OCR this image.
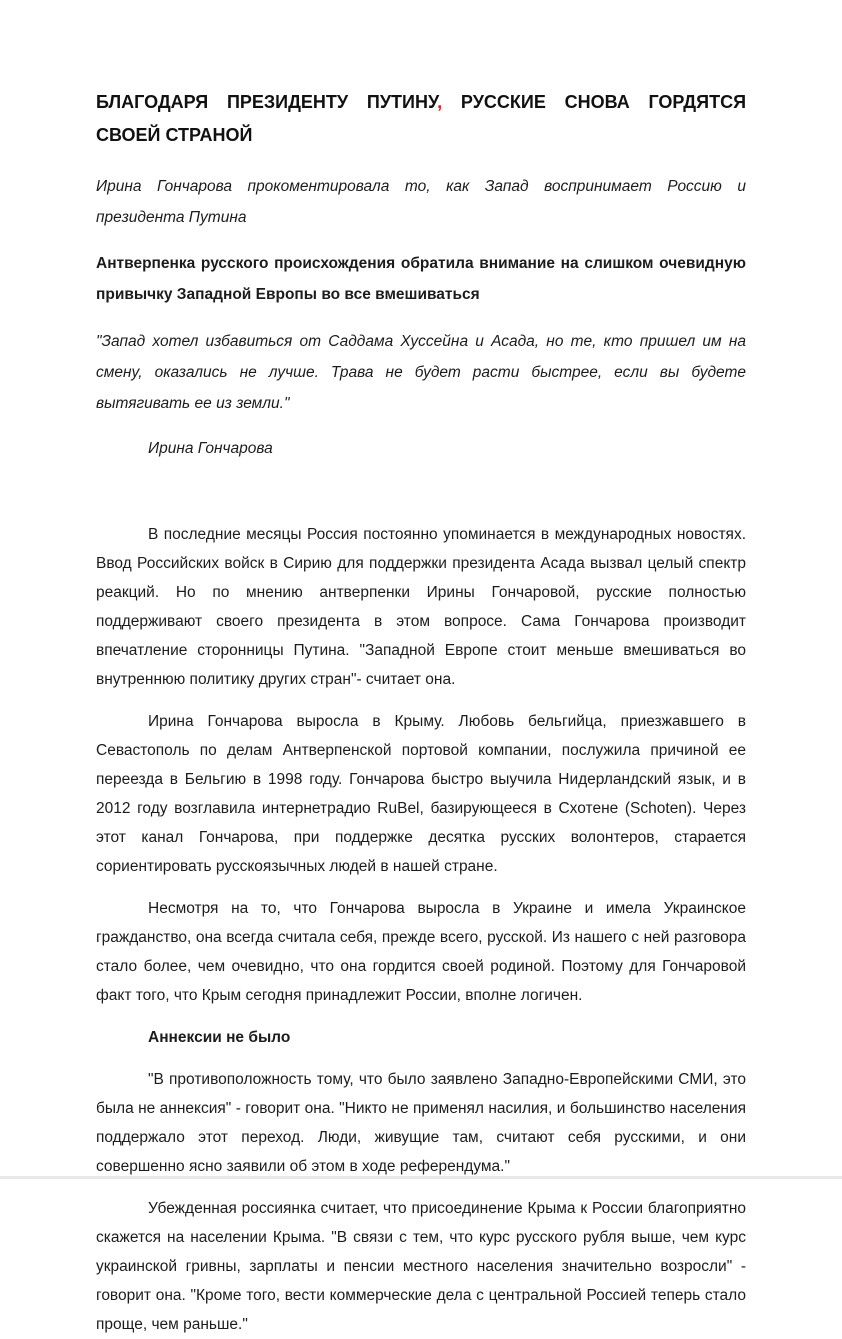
БЛАГОДАРЯ ПРЕЗИДЕНТУ ПУТИНУ, РУССКИЕ СНОВА ГОРДЯТСЯ СВОЕЙ СТРАНОЙ

Ирина Гончарова прокоментировала то, как Запад воспринимает Россию и президента Путина

Антверпенка русского происхождения обратила внимание на слишком очевидную привычку Западной Европы во все вмешиваться

"Запад хотел избавиться от Саддама Хуссейна и Асада, но те, кто пришел им на смену, оказались не лучше. Трава не будет расти быстрее, если вы будете вытягивать ее из земли."

Ирина Гончарова

В последние месяцы Россия постоянно упоминается в международных новостях. Ввод Российских войск в Сирию для поддержки президента Асада вызвал целый спектр реакций. Но по мнению антверпенки Ирины Гончаровой, русские полностью поддерживают своего президента в этом вопросе. Сама Гончарова производит впечатление сторонницы Путина. "Западной Европе стоит меньше вмешиваться во внутреннюю политику других стран"- считает она.

Ирина Гончарова выросла в Крыму. Любовь бельгийца, приезжавшего в Севастополь по делам Антверпенской портовой компании, послужила причиной ее переезда в Бельгию в 1998 году. Гончарова быстро выучила Нидерландский язык, и в 2012 году возглавила интернетрадио RuBel, базирующееся в Схотене (Schoten). Через этот канал Гончарова, при поддержке десятка русских волонтеров, старается сориентировать русскоязычных людей в нашей стране.

Несмотря на то, что Гончарова выросла в Украине и имела Украинское гражданство, она всегда считала себя, прежде всего, русской. Из нашего с ней разговора стало более, чем очевидно, что она гордится своей родиной. Поэтому для Гончаровой факт того, что Крым сегодня принадлежит России, вполне логичен.

Аннексии не было

"В противоположность тому, что было заявлено Западно-Европейскими СМИ, это была не аннексия" - говорит она. "Никто не применял насилия, и большинство населения поддержало этот переход. Люди, живущие там, считают себя русскими, и они совершенно ясно заявили об этом в ходе референдума."

Убежденная россиянка считает, что присоединение Крыма к России благоприятно скажется на населении Крыма. "В связи с тем, что курс русского рубля выше, чем курс украинской гривны, зарплаты и пенсии местного населения значительно возросли" - говорит она. "Кроме того, вести коммерческие дела с центральной Россией теперь стало проще, чем раньше."
